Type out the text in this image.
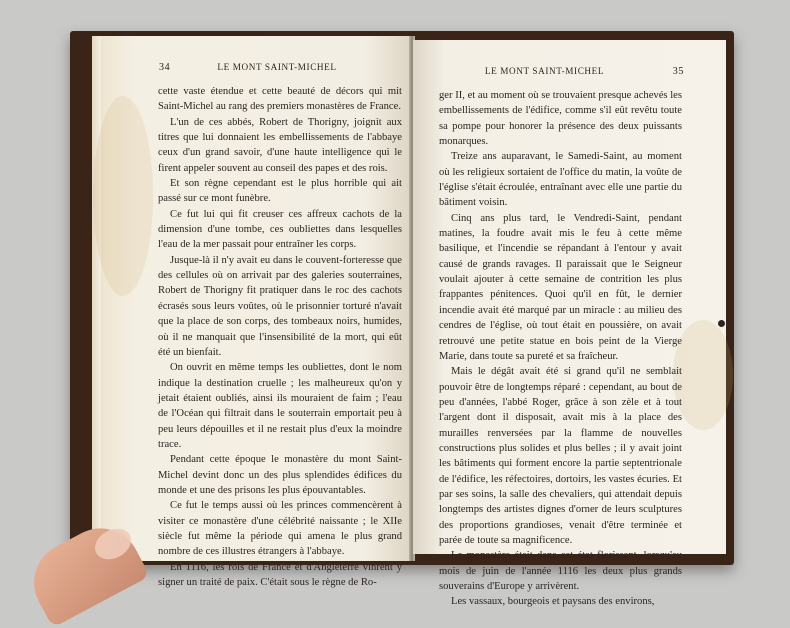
34	LE MONT SAINT-MICHEL

cette vaste étendue et cette beauté de décors qui mit Saint-Michel au rang des premiers monastères de France.

L'un de ces abbés, Robert de Thorigny, joignit aux titres que lui donnaient les embellissements de l'abbaye ceux d'un grand savoir, d'une haute intelligence qui le firent appeler souvent au conseil des papes et des rois.

Et son règne cependant est le plus horrible qui ait passé sur ce mont funèbre.

Ce fut lui qui fit creuser ces affreux cachots de la dimension d'une tombe, ces oubliettes dans lesquelles l'eau de la mer passait pour entraîner les corps.

Jusque-là il n'y avait eu dans le couvent-forteresse que des cellules où on arrivait par des galeries souterraines, Robert de Thorigny fit pratiquer dans le roc des cachots écrasés sous leurs voûtes, où le prisonnier torturé n'avait que la place de son corps, des tombeaux noirs, humides, où il ne manquait que l'insensibilité de la mort, qui eût été un bienfait.

On ouvrit en même temps les oubliettes, dont le nom indique la destination cruelle ; les malheureux qu'on y jetait étaient oubliés, ainsi ils mouraient de faim ; l'eau de l'Océan qui filtrait dans le souterrain emportait peu à peu leurs dépouilles et il ne restait plus d'eux la moindre trace.

Pendant cette époque le monastère du mont Saint-Michel devint donc un des plus splendides édifices du monde et une des prisons les plus épouvantables.

Ce fut le temps aussi où les princes commencèrent à visiter ce monastère d'une célébrité naissante ; le XIIe siècle fut même la période qui amena le plus grand nombre de ces illustres étrangers à l'abbaye.

En 1116, les rois de France et d'Angleterre vinrent y signer un traité de paix. C'était sous le règne de Ro-

LE MONT SAINT-MICHEL	35

ger II, et au moment où se trouvaient presque achevés les embellissements de l'édifice, comme s'il eût revêtu toute sa pompe pour honorer la présence des deux puissants monarques.

Treize ans auparavant, le Samedi-Saint, au moment où les religieux sortaient de l'office du matin, la voûte de l'église s'était écroulée, entraînant avec elle une partie du bâtiment voisin.

Cinq ans plus tard, le Vendredi-Saint, pendant matines, la foudre avait mis le feu à cette même basilique, et l'incendie se répandant à l'entour y avait causé de grands ravages. Il paraissait que le Seigneur voulait ajouter à cette semaine de contrition les plus frappantes pénitences. Quoi qu'il en fût, le dernier incendie avait été marqué par un miracle : au milieu des cendres de l'église, où tout était en poussière, on avait retrouvé une petite statue en bois peint de la Vierge Marie, dans toute sa pureté et sa fraîcheur.

Mais le dégât avait été si grand qu'il ne semblait pouvoir être de longtemps réparé : cependant, au bout de peu d'années, l'abbé Roger, grâce à son zèle et à tout l'argent dont il disposait, avait mis à la place des murailles renversées par la flamme de nouvelles constructions plus solides et plus belles ; il y avait joint les bâtiments qui forment encore la partie septentrionale de l'édifice, les réfectoires, dortoirs, les vastes écuries. Et par ses soins, la salle des chevaliers, qui attendait depuis longtemps des artistes dignes d'orner de leurs sculptures des proportions grandioses, venait d'être terminée et parée de toute sa magnificence.

Le monastère était dans cet état florissant, lorsqu'au mois de juin de l'année 1116 les deux plus grands souverains d'Europe y arrivèrent.

Les vassaux, bourgeois et paysans des environs,
